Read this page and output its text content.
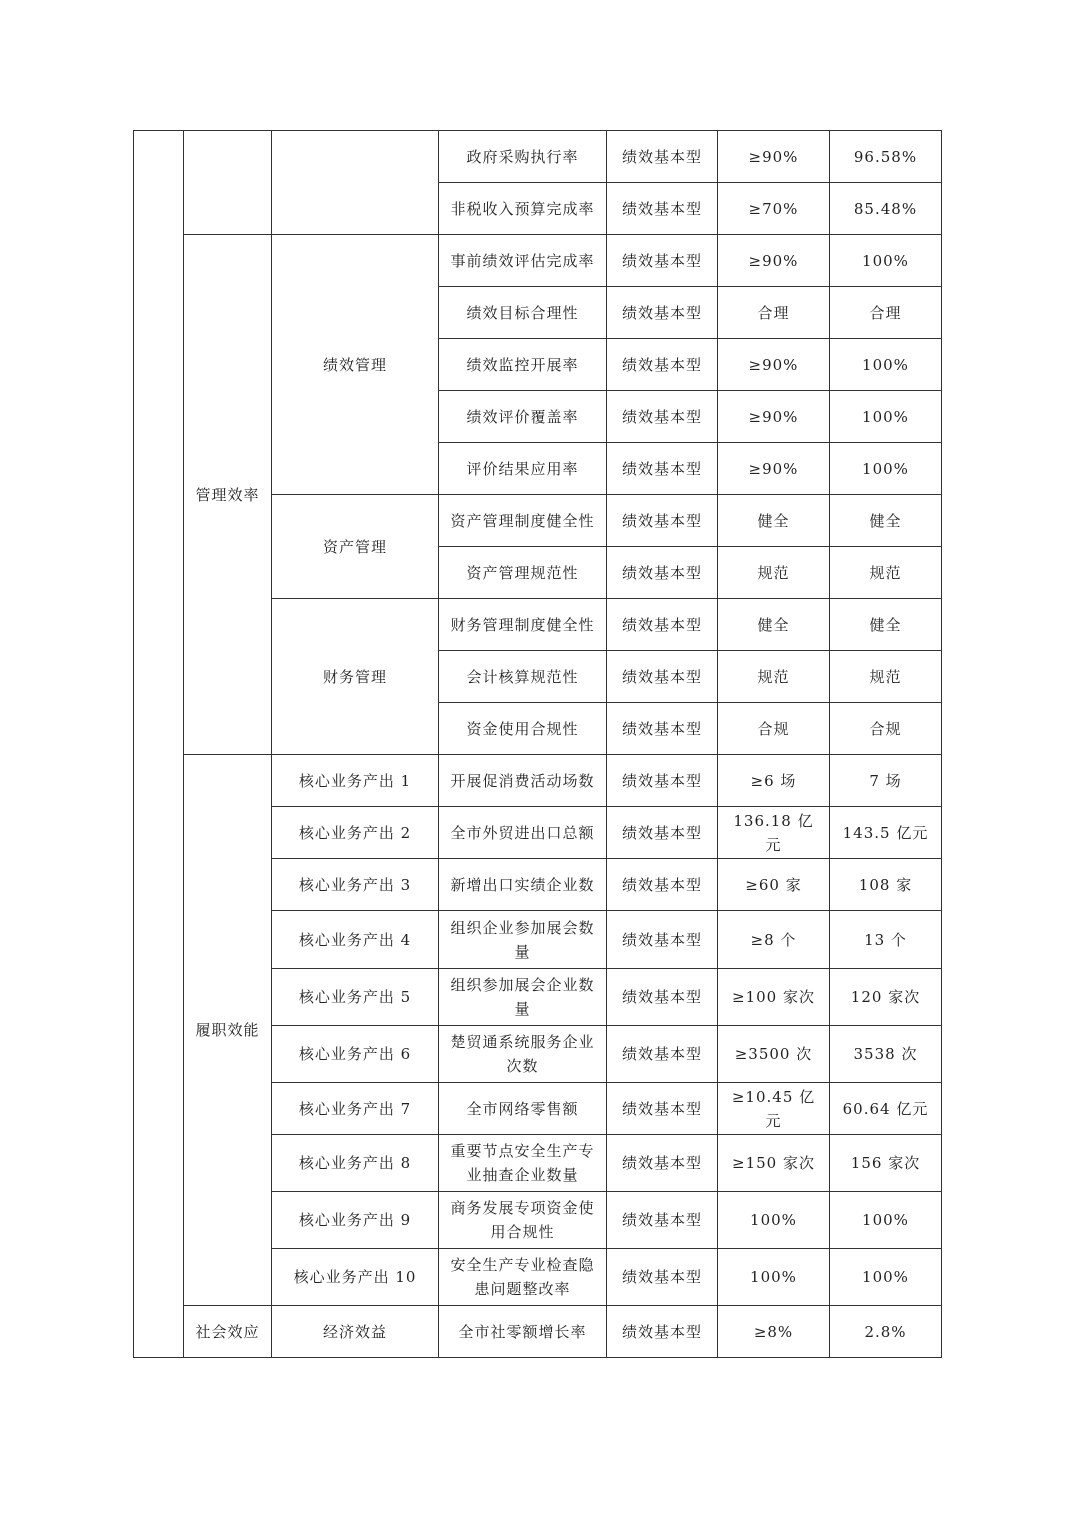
			政府采购执行率	绩效基本型	≥90%	96.58%
			非税收入预算完成率	绩效基本型	≥70%	85.48%
	管理效率	绩效管理	事前绩效评估完成率	绩效基本型	≥90%	100%
			绩效目标合理性	绩效基本型	合理	合理
			绩效监控开展率	绩效基本型	≥90%	100%
			绩效评价覆盖率	绩效基本型	≥90%	100%
			评价结果应用率	绩效基本型	≥90%	100%
		资产管理	资产管理制度健全性	绩效基本型	健全	健全
			资产管理规范性	绩效基本型	规范	规范
		财务管理	财务管理制度健全性	绩效基本型	健全	健全
			会计核算规范性	绩效基本型	规范	规范
			资金使用合规性	绩效基本型	合规	合规
	履职效能	核心业务产出 1	开展促消费活动场数	绩效基本型	≥6 场	7 场
		核心业务产出 2	全市外贸进出口总额	绩效基本型	136.18 亿元	143.5 亿元
		核心业务产出 3	新增出口实绩企业数	绩效基本型	≥60 家	108 家
		核心业务产出 4	组织企业参加展会数量	绩效基本型	≥8 个	13 个
		核心业务产出 5	组织参加展会企业数量	绩效基本型	≥100 家次	120 家次
		核心业务产出 6	楚贸通系统服务企业次数	绩效基本型	≥3500 次	3538 次
		核心业务产出 7	全市网络零售额	绩效基本型	≥10.45 亿元	60.64 亿元
		核心业务产出 8	重要节点安全生产专业抽查企业数量	绩效基本型	≥150 家次	156 家次
		核心业务产出 9	商务发展专项资金使用合规性	绩效基本型	100%	100%
		核心业务产出 10	安全生产专业检查隐患问题整改率	绩效基本型	100%	100%
	社会效应	经济效益	全市社零额增长率	绩效基本型	≥8%	2.8%
